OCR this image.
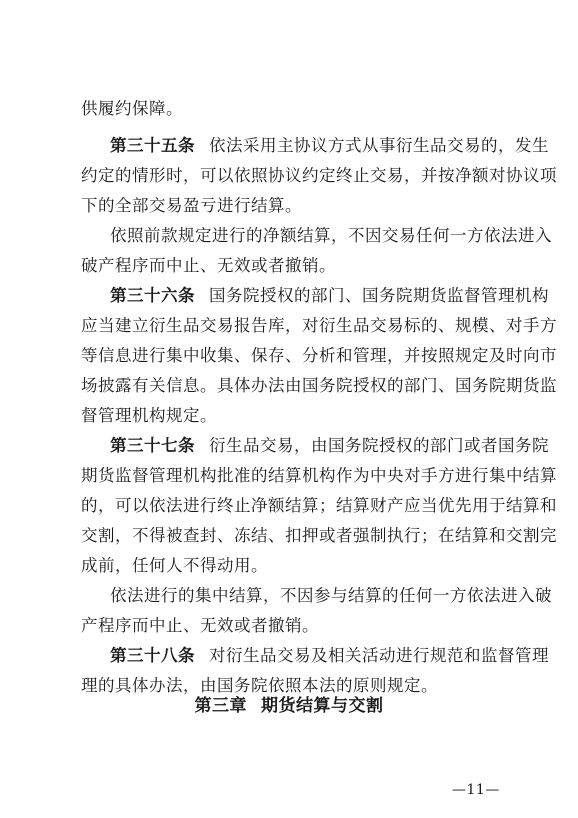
供履约保障。
第三十五条 依法采用主协议方式从事衍生品交易的，发生
约定的情形时，可以依照协议约定终止交易，并按净额对协议项
下的全部交易盈亏进行结算。
依照前款规定进行的净额结算，不因交易任何一方依法进入
破产程序而中止、无效或者撤销。
第三十六条 国务院授权的部门、国务院期货监督管理机构
应当建立衍生品交易报告库，对衍生品交易标的、规模、对手方
等信息进行集中收集、保存、分析和管理，并按照规定及时向市
场披露有关信息。具体办法由国务院授权的部门、国务院期货监
督管理机构规定。
第三十七条 衍生品交易，由国务院授权的部门或者国务院
期货监督管理机构批准的结算机构作为中央对手方进行集中结算
的，可以依法进行终止净额结算；结算财产应当优先用于结算和
交割，不得被查封、冻结、扣押或者强制执行；在结算和交割完
成前，任何人不得动用。
依法进行的集中结算，不因参与结算的任何一方依法进入破
产程序而中止、无效或者撤销。
第三十八条 对衍生品交易及相关活动进行规范和监督管理
第三章 期货结算与交割
—11—
理的具体办法，由国务院依照本法的原则规定。
